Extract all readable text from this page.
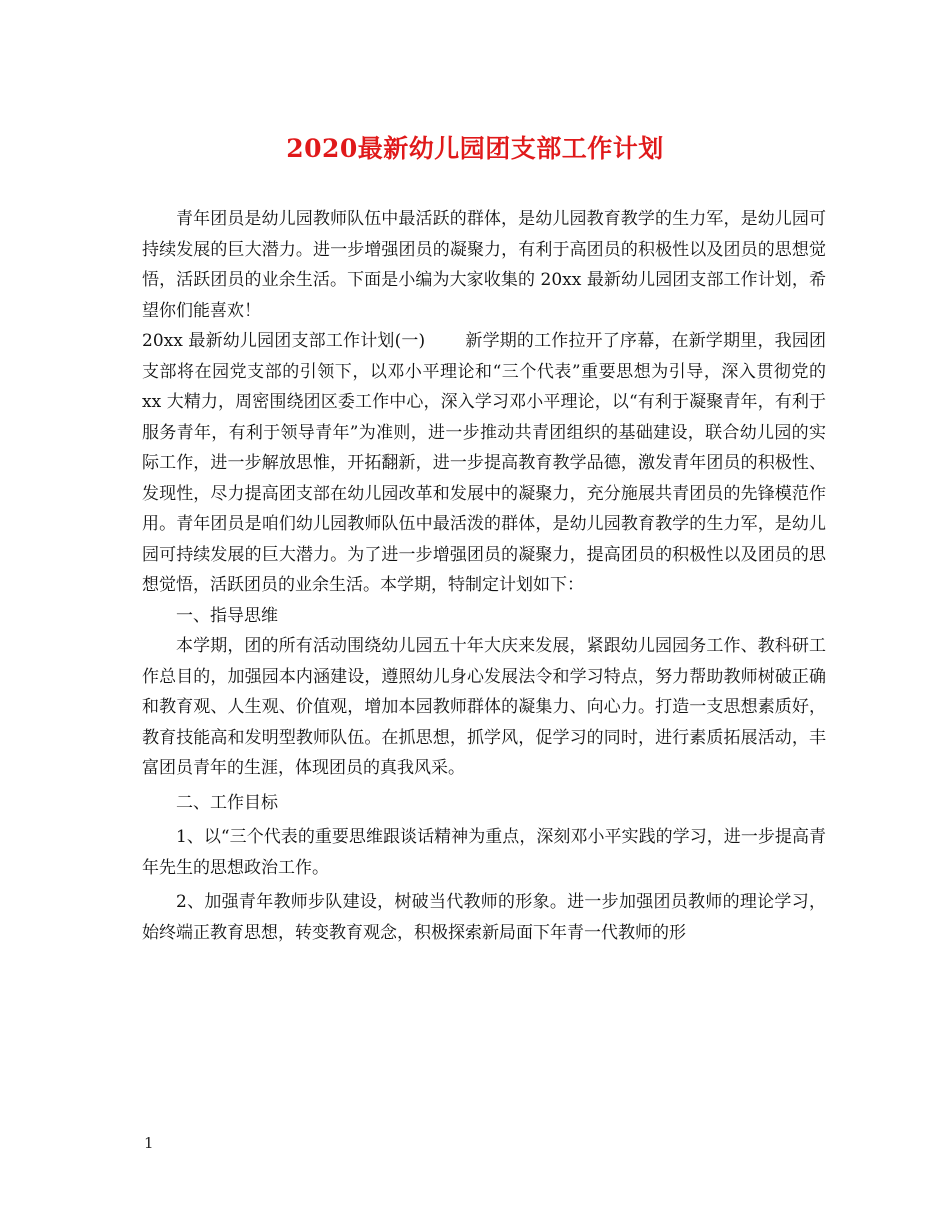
2020最新幼儿园团支部工作计划

青年团员是幼儿园教师队伍中最活跃的群体，是幼儿园教育教学的生力军，是幼儿园可持续发展的巨大潜力。进一步增强团员的凝聚力，有利于高团员的积极性以及团员的思想觉悟，活跃团员的业余生活。下面是小编为大家收集的 20xx 最新幼儿园团支部工作计划，希望你们能喜欢！

20xx 最新幼儿园团支部工作计划(一) 新学期的工作拉开了序幕，在新学期里，我园团支部将在园党支部的引领下，以邓小平理论和“三个代表”重要思想为引导，深入贯彻党的 xx 大精力，周密围绕团区委工作中心，深入学习邓小平理论，以“有利于凝聚青年，有利于服务青年，有利于领导青年”为准则，进一步推动共青团组织的基础建设，联合幼儿园的实际工作，进一步解放思惟，开拓翻新，进一步提高教育教学品德，激发青年团员的积极性、发现性，尽力提高团支部在幼儿园改革和发展中的凝聚力，充分施展共青团员的先锋模范作用。青年团员是咱们幼儿园教师队伍中最活泼的群体，是幼儿园教育教学的生力军，是幼儿园可持续发展的巨大潜力。为了进一步增强团员的凝聚力，提高团员的积极性以及团员的思想觉悟，活跃团员的业余生活。本学期，特制定计划如下：

一、指导思维

本学期，团的所有活动围绕幼儿园五十年大庆来发展，紧跟幼儿园园务工作、教科研工作总目的，加强园本内涵建设，遵照幼儿身心发展法令和学习特点，努力帮助教师树破正确和教育观、人生观、价值观，增加本园教师群体的凝集力、向心力。打造一支思想素质好，教育技能高和发明型教师队伍。在抓思想，抓学风，促学习的同时，进行素质拓展活动，丰富团员青年的生涯，体现团员的真我风采。

二、工作目标

1、以“三个代表的重要思维跟谈话精神为重点，深刻邓小平实践的学习，进一步提高青年先生的思想政治工作。

2、加强青年教师步队建设，树破当代教师的形象。进一步加强团员教师的理论学习，始终端正教育思想，转变教育观念，积极探索新局面下年青一代教师的形

1
